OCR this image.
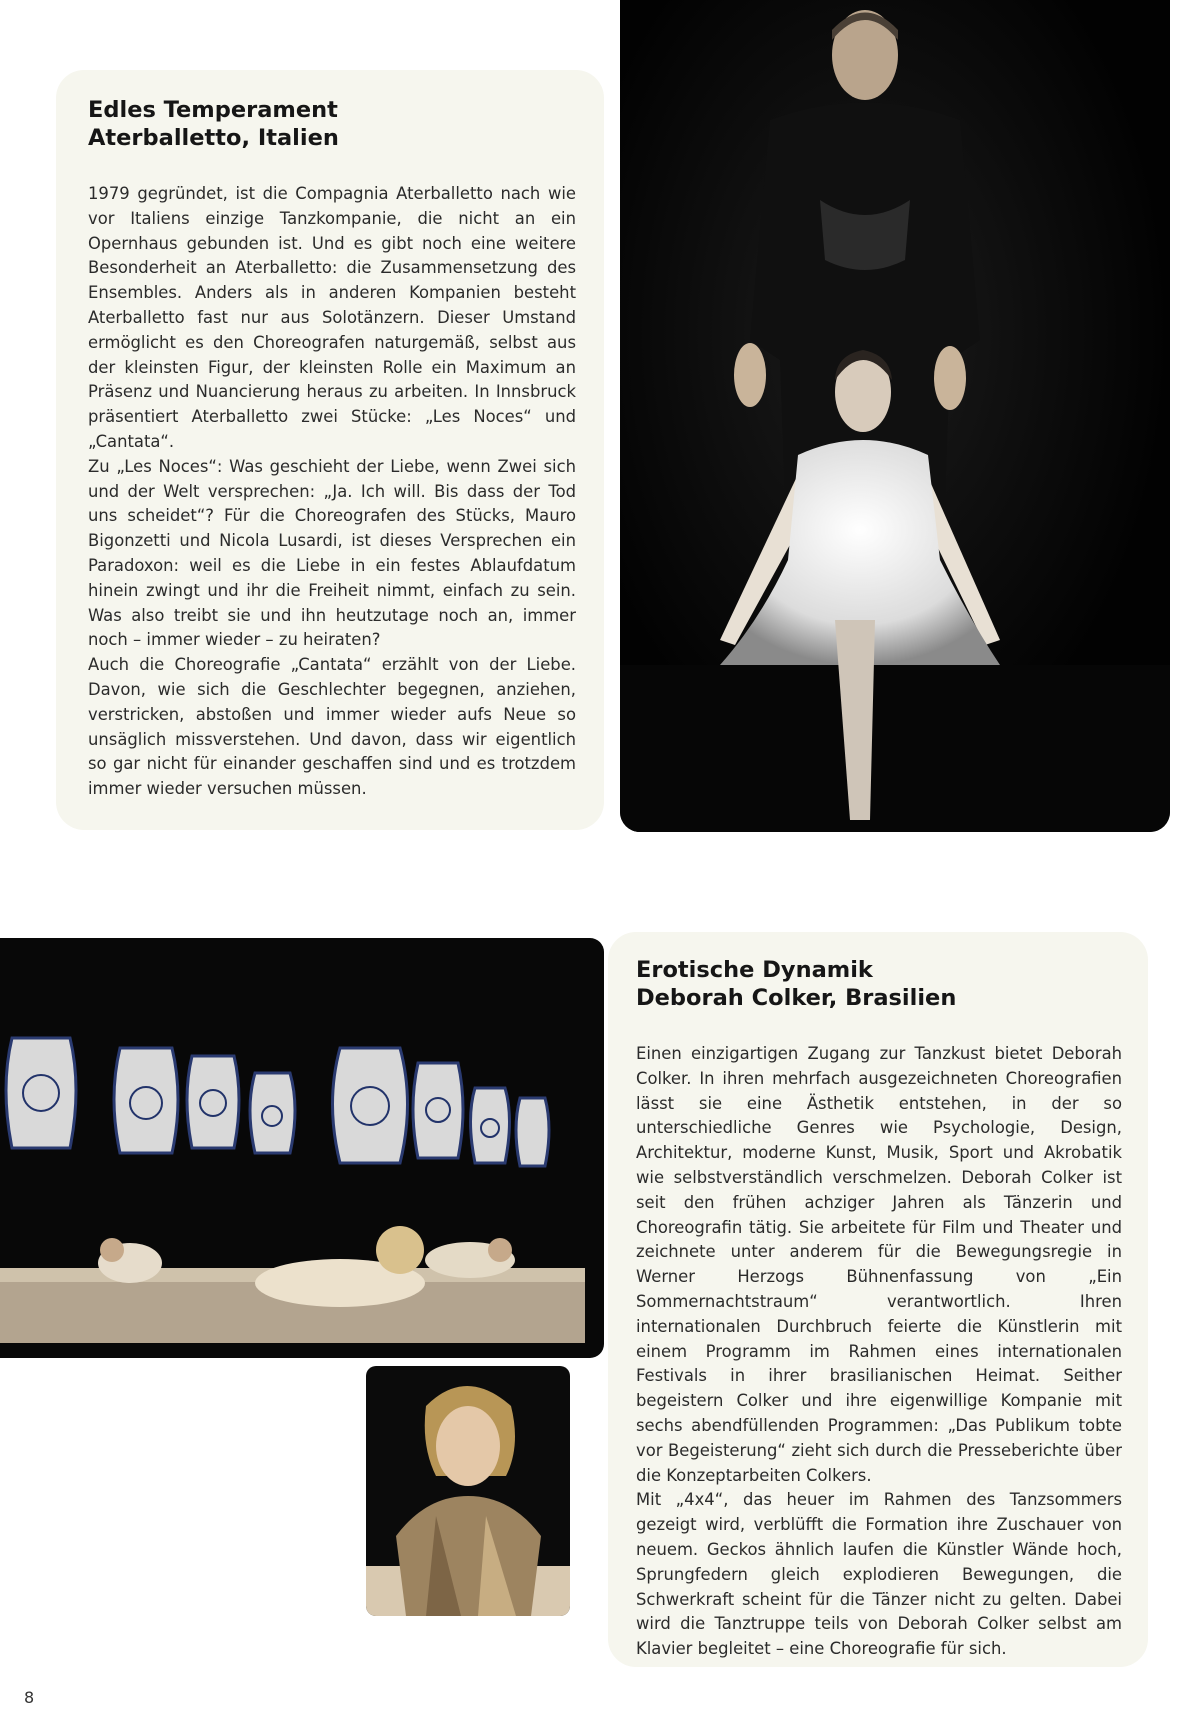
Edles Temperament
Aterballetto, Italien

1979 gegründet, ist die Compagnia Aterballetto nach wie vor Italiens einzige Tanzkompanie, die nicht an ein Opernhaus gebunden ist. Und es gibt noch eine weitere Besonderheit an Aterballetto: die Zusammensetzung des Ensembles. Anders als in anderen Kompanien besteht Aterballetto fast nur aus Solotänzern. Dieser Umstand ermöglicht es den Choreografen naturgemäß, selbst aus der kleinsten Figur, der kleinsten Rolle ein Maximum an Präsenz und Nuancierung heraus zu arbeiten. In Innsbruck präsentiert Aterballetto zwei Stücke: „Les Noces“ und „Cantata“.

Zu „Les Noces“: Was geschieht der Liebe, wenn Zwei sich und der Welt versprechen: „Ja. Ich will. Bis dass der Tod uns scheidet“? Für die Choreografen des Stücks, Mauro Bigonzetti und Nicola Lusardi, ist dieses Versprechen ein Paradoxon: weil es die Liebe in ein festes Ablaufdatum hinein zwingt und ihr die Freiheit nimmt, einfach zu sein. Was also treibt sie und ihn heutzutage noch an, immer noch – immer wieder – zu heiraten?

Auch die Choreografie „Cantata“ erzählt von der Liebe. Davon, wie sich die Geschlechter begegnen, anziehen, verstricken, abstoßen und immer wieder aufs Neue so unsäglich missverstehen. Und davon, dass wir eigentlich so gar nicht für einander geschaffen sind und es trotzdem immer wieder versuchen müssen.

Erotische Dynamik
Deborah Colker, Brasilien

Einen einzigartigen Zugang zur Tanzkust bietet Deborah Colker. In ihren mehrfach ausgezeichneten Choreografien lässt sie eine Ästhetik entstehen, in der so unterschiedliche Genres wie Psychologie, Design, Architektur, moderne Kunst, Musik, Sport und Akrobatik wie selbstverständlich verschmelzen. Deborah Colker ist seit den frühen achziger Jahren als Tänzerin und Choreografin tätig. Sie arbeitete für Film und Theater und zeichnete unter anderem für die Bewegungsregie in Werner Herzogs Bühnenfassung von „Ein Sommernachtstraum“ verantwortlich. Ihren internationalen Durchbruch feierte die Künstlerin mit einem Programm im Rahmen eines internationalen Festivals in ihrer brasilianischen Heimat. Seither begeistern Colker und ihre eigenwillige Kompanie mit sechs abendfüllenden Programmen: „Das Publikum tobte vor Begeisterung“ zieht sich durch die Presseberichte über die Konzeptarbeiten Colkers.

Mit „4x4“, das heuer im Rahmen des Tanzsommers gezeigt wird, verblüfft die Formation ihre Zuschauer von neuem. Geckos ähnlich laufen die Künstler Wände hoch, Sprungfedern gleich explodieren Bewegungen, die Schwerkraft scheint für die Tänzer nicht zu gelten. Dabei wird die Tanztruppe teils von Deborah Colker selbst am Klavier begleitet – eine Choreografie für sich.

8
